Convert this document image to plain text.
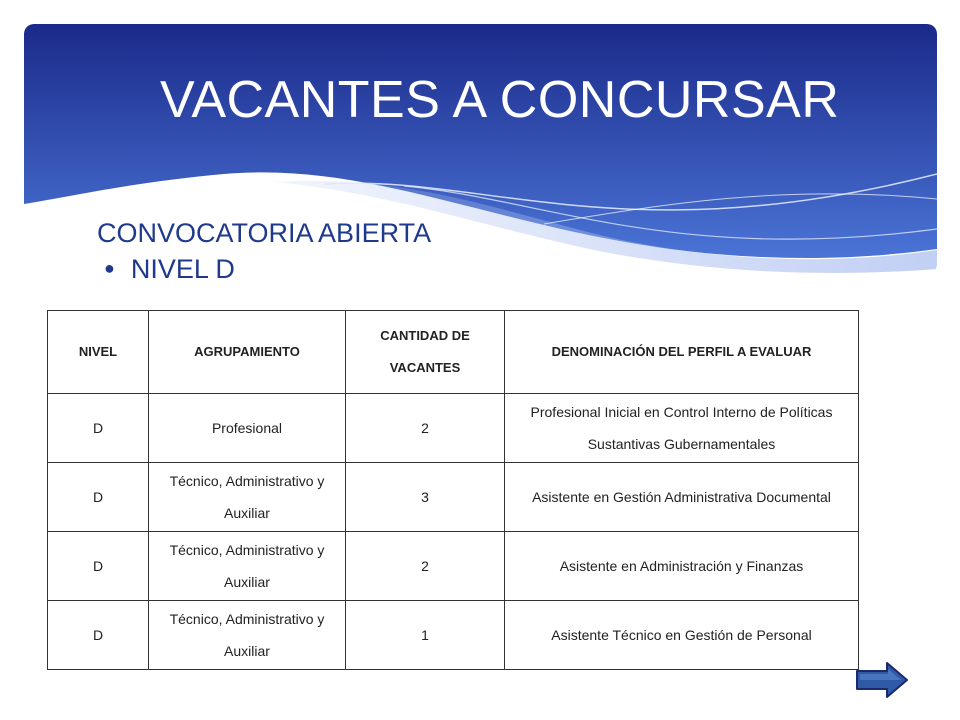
VACANTES A CONCURSAR
CONVOCATORIA ABIERTA
● NIVEL D
NIVEL	AGRUPAMIENTO	CANTIDAD DE VACANTES	DENOMINACIÓN DEL PERFIL A EVALUAR
D	Profesional	2	Profesional Inicial en Control Interno de Políticas Sustantivas Gubernamentales
D	Técnico, Administrativo y Auxiliar	3	Asistente en Gestión Administrativa Documental
D	Técnico, Administrativo y Auxiliar	2	Asistente en Administración y Finanzas
D	Técnico, Administrativo y Auxiliar	1	Asistente Técnico en Gestión de Personal
